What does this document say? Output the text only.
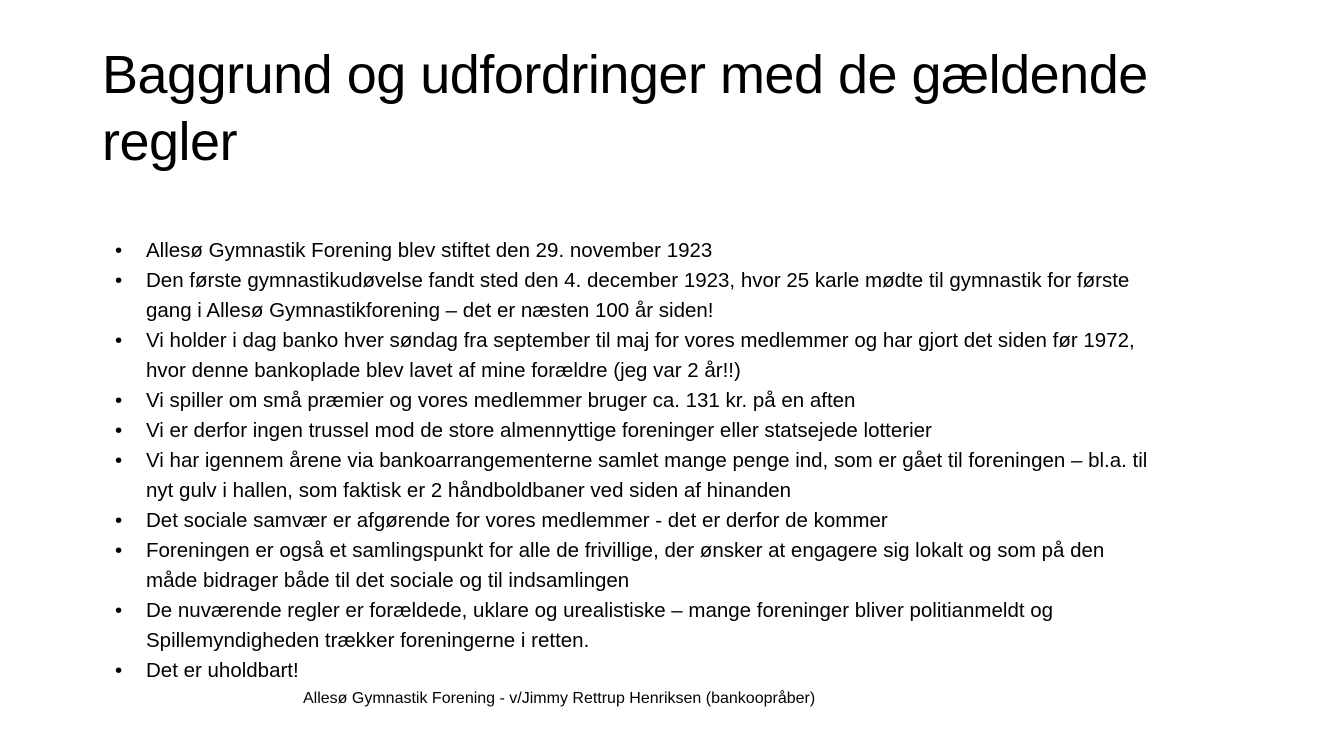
Baggrund og udfordringer med de gældende regler
•	Allesø Gymnastik Forening blev stiftet den 29. november 1923
•	Den første gymnastikudøvelse fandt sted den 4. december 1923, hvor 25 karle mødte til gymnastik for første gang i Allesø Gymnastikforening – det er næsten 100 år siden!
•	Vi holder i dag banko hver søndag fra september til maj for vores medlemmer og har gjort det siden før 1972, hvor denne bankoplade blev lavet af mine forældre (jeg var 2 år!!)
•	Vi spiller om små præmier og vores medlemmer bruger ca. 131 kr. på en aften
•	Vi er derfor ingen trussel mod de store almennyttige foreninger eller statsejede lotterier
•	Vi har igennem årene via bankoarrangementerne samlet mange penge ind, som er gået til foreningen – bl.a. til nyt gulv i hallen, som faktisk er 2 håndboldbaner ved siden af hinanden
•	Det sociale samvær er afgørende for vores medlemmer - det er derfor de kommer
•	Foreningen er også et samlingspunkt for alle de frivillige, der ønsker at engagere sig lokalt og som på den måde bidrager både til det sociale og til indsamlingen
•	De nuværende regler er forældede, uklare og urealistiske – mange foreninger bliver politianmeldt og Spillemyndigheden trækker foreningerne i retten.
•	Det er uholdbart!
Allesø Gymnastik Forening - v/Jimmy Rettrup Henriksen (bankoopråber)
